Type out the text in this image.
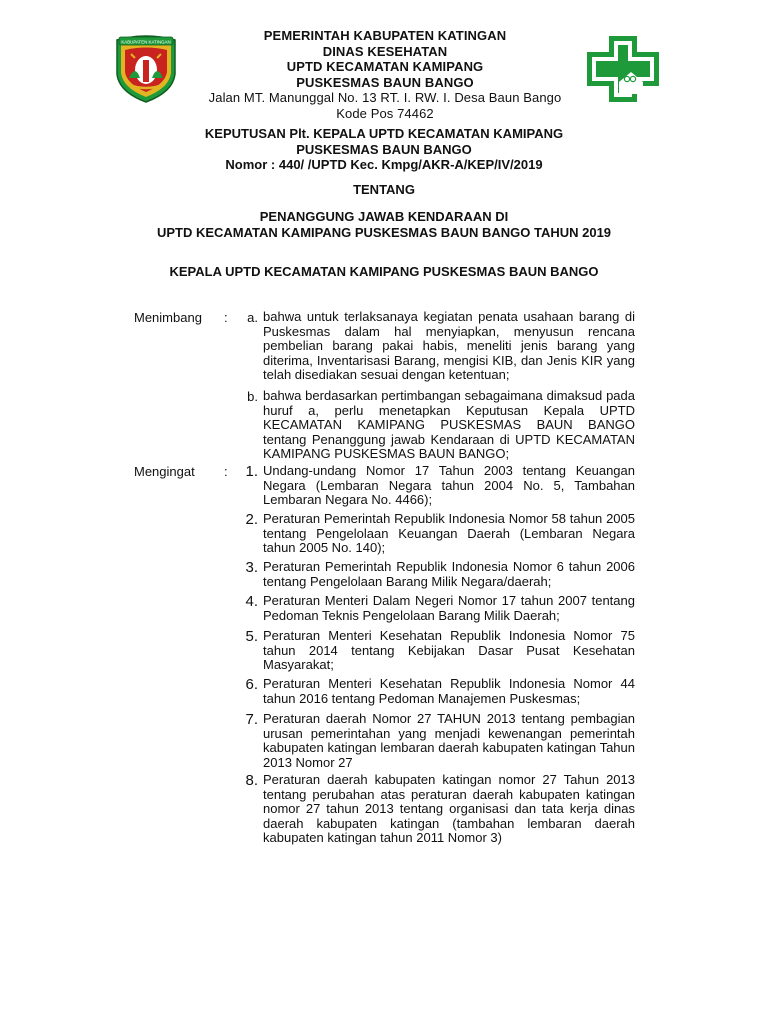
KABUPATEN KATINGAN	PEMERINTAH KABUPATEN KATINGAN
DINAS KESEHATAN
UPTD KECAMATAN KAMIPANG
PUSKESMAS BAUN BANGO
Jalan MT. Manunggal No. 13 RT. I. RW. I. Desa Baun Bango
Kode Pos 74462
KEPUTUSAN Plt. KEPALA UPTD KECAMATAN KAMIPANG
PUSKESMAS BAUN BANGO
Nomor : 440/ /UPTD Kec. Kmpg/AKR-A/KEP/IV/2019
TENTANG
PENANGGUNG JAWAB KENDARAAN DI
UPTD KECAMATAN KAMIPANG PUSKESMAS BAUN BANGO TAHUN 2019
KEPALA UPTD KECAMATAN KAMIPANG PUSKESMAS BAUN BANGO
Menimbang :	a. bahwa untuk terlaksanaya kegiatan penata usahaan barang di Puskesmas dalam hal menyiapkan, menyusun rencana pembelian barang pakai habis, meneliti jenis barang yang diterima, Inventarisasi Barang, mengisi KIB, dan Jenis KIR yang telah disediakan sesuai dengan ketentuan;
b. bahwa berdasarkan pertimbangan sebagaimana dimaksud pada huruf a, perlu menetapkan Keputusan Kepala UPTD KECAMATAN KAMIPANG PUSKESMAS BAUN BANGO tentang Penanggung jawab Kendaraan di UPTD KECAMATAN KAMIPANG PUSKESMAS BAUN BANGO;
Mengingat :	1. Undang-undang Nomor 17 Tahun 2003 tentang Keuangan Negara (Lembaran Negara tahun 2004 No. 5, Tambahan Lembaran Negara No. 4466);
2. Peraturan Pemerintah Republik Indonesia Nomor 58 tahun 2005 tentang Pengelolaan Keuangan Daerah (Lembaran Negara tahun 2005 No. 140);
3. Peraturan Pemerintah Republik Indonesia Nomor 6 tahun 2006 tentang Pengelolaan Barang Milik Negara/daerah;
4. Peraturan Menteri Dalam Negeri Nomor 17 tahun 2007 tentang Pedoman Teknis Pengelolaan Barang Milik Daerah;
5. Peraturan Menteri Kesehatan Republik Indonesia Nomor 75 tahun 2014 tentang Kebijakan Dasar Pusat Kesehatan Masyarakat;
6. Peraturan Menteri Kesehatan Republik Indonesia Nomor 44 tahun 2016 tentang Pedoman Manajemen Puskesmas;
7. Peraturan daerah Nomor 27 TAHUN 2013 tentang pembagian urusan pemerintahan yang menjadi kewenangan pemerintah kabupaten katingan lembaran daerah kabupaten katingan Tahun 2013 Nomor 27
8. Peraturan daerah kabupaten katingan nomor 27 Tahun 2013 tentang perubahan atas peraturan daerah kabupaten katingan nomor 27 tahun 2013 tentang organisasi dan tata kerja dinas daerah kabupaten katingan (tambahan lembaran daerah kabupaten katingan tahun 2011 Nomor 3)
